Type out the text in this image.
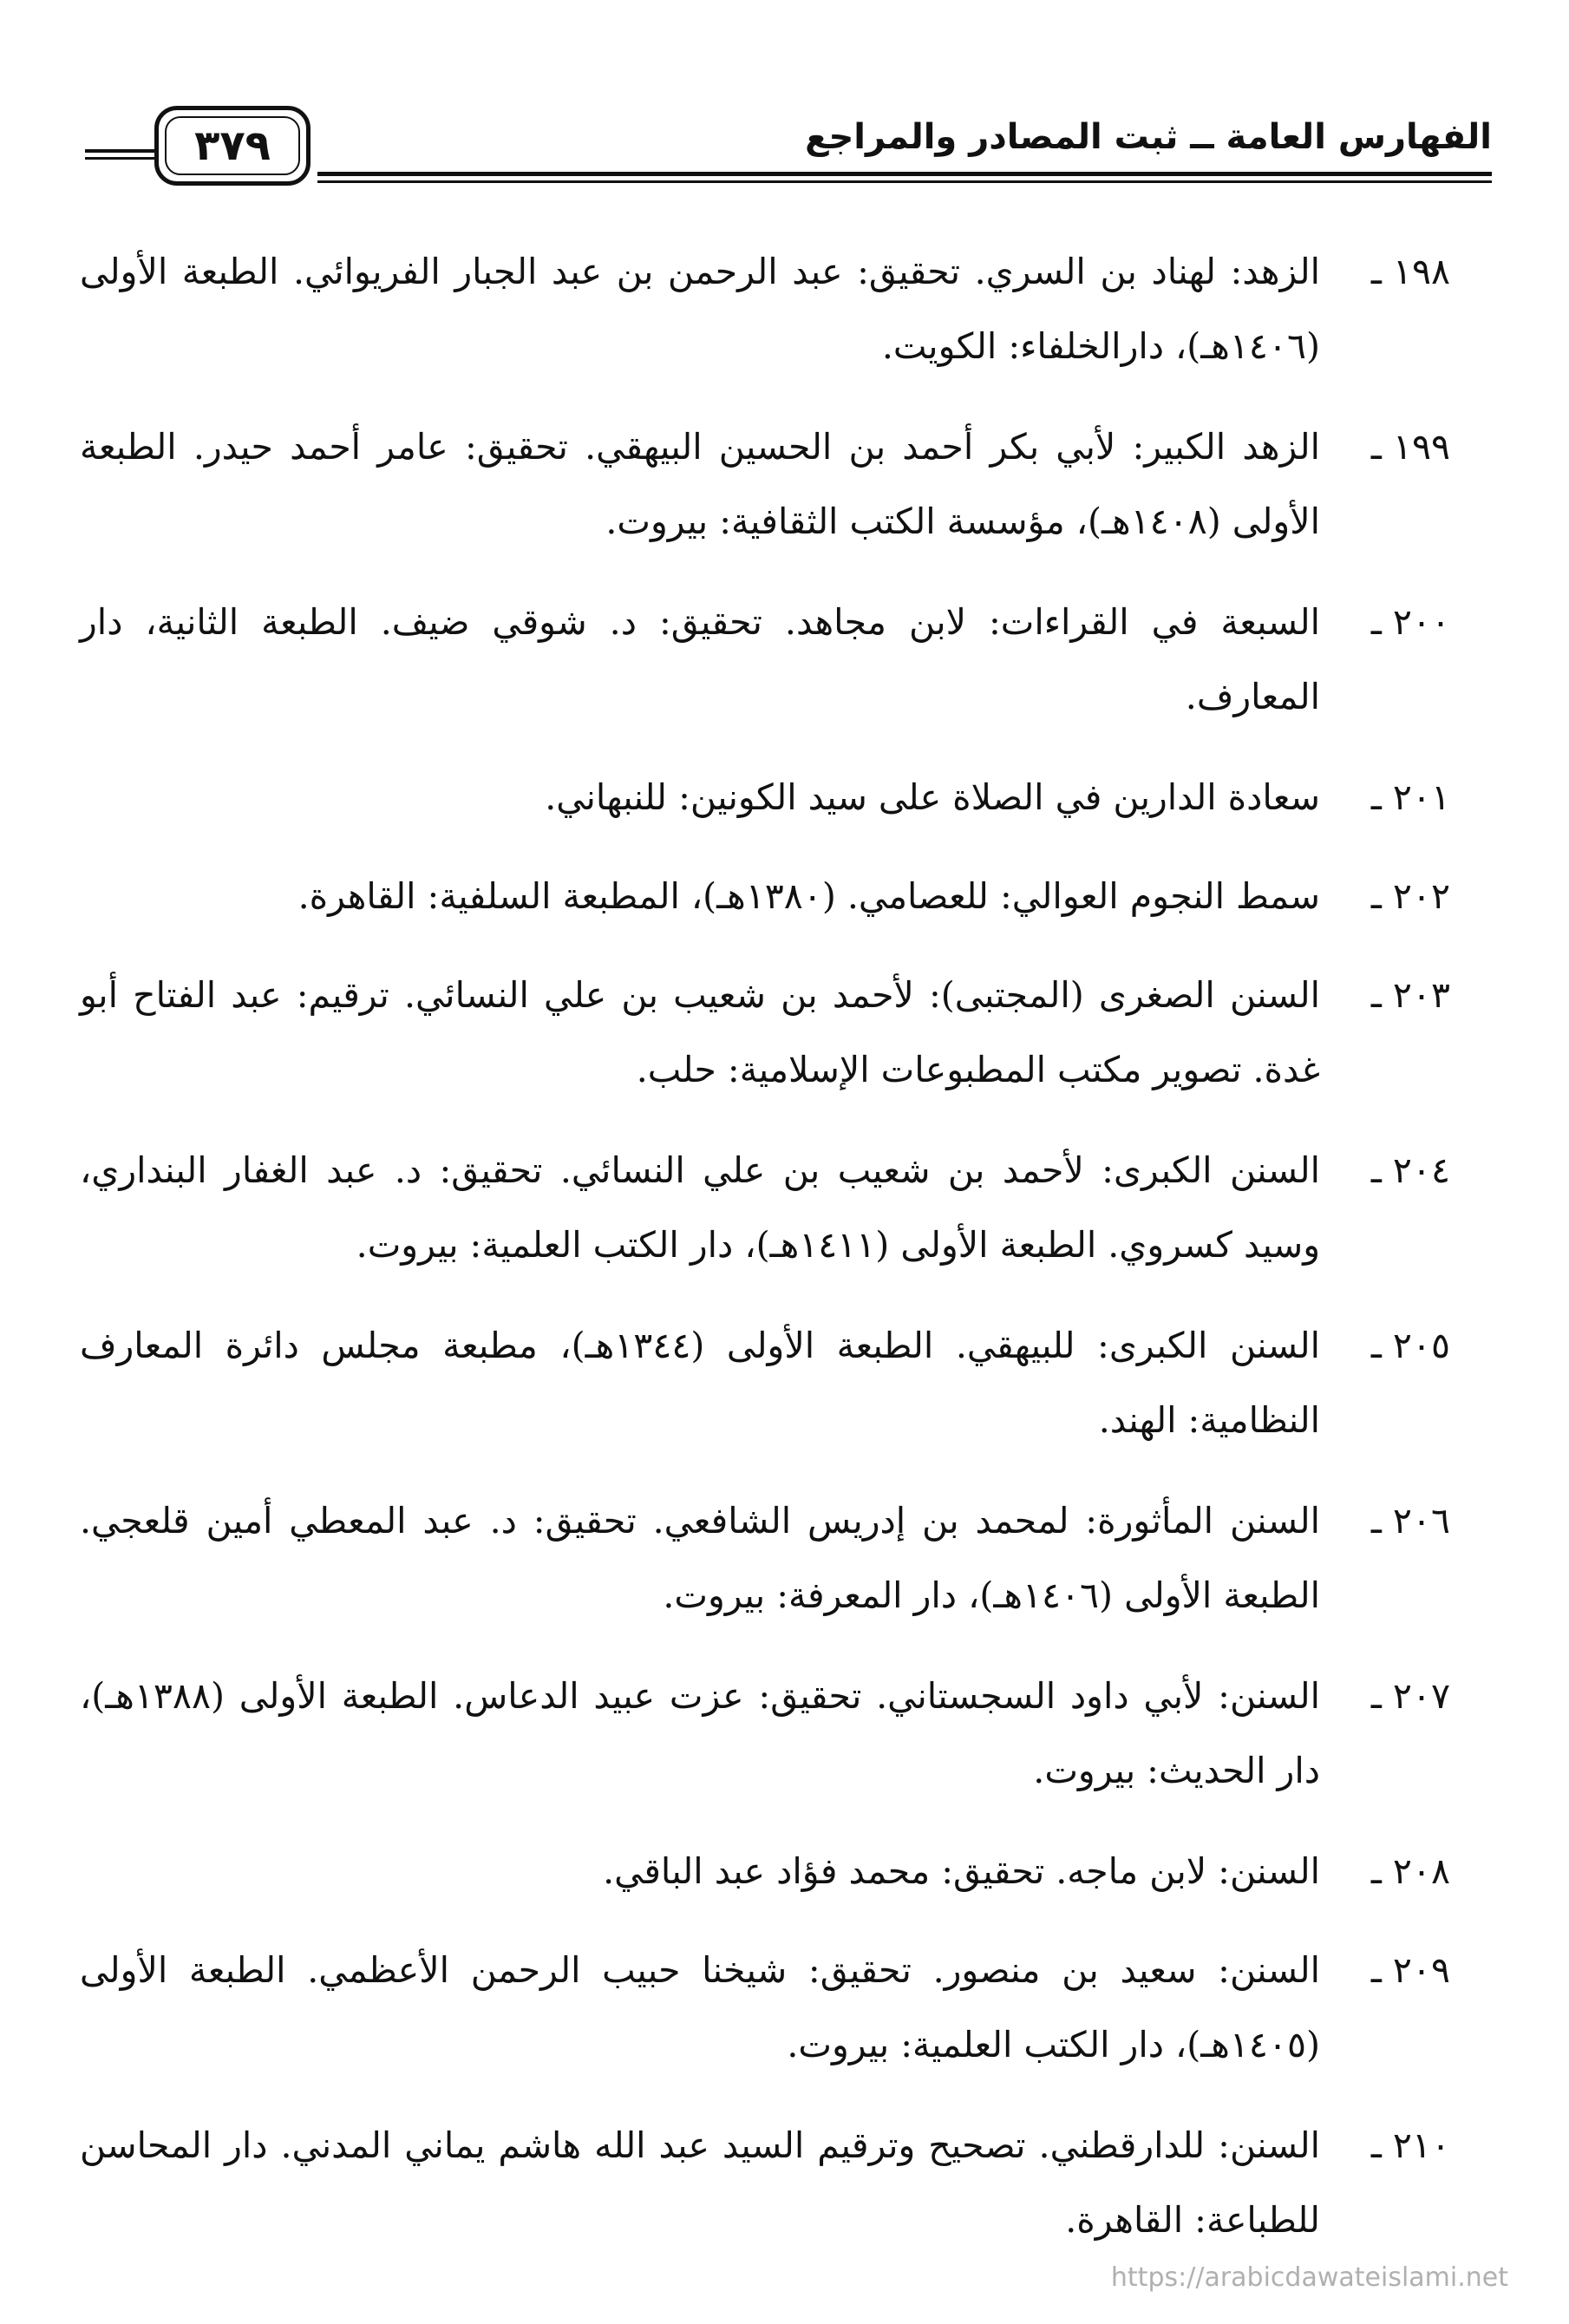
الفهارس العامة ــ ثبت المصادر والمراجع
٣٧٩
١٩٨ ـ
الزهد: لهناد بن السري. تحقيق: عبد الرحمن بن عبد الجبار الفريوائي. الطبعة الأولى (١٤٠٦هـ)، دارالخلفاء: الكويت.
١٩٩ ـ
الزهد الكبير: لأبي بكر أحمد بن الحسين البيهقي. تحقيق: عامر أحمد حيدر. الطبعة الأولى (١٤٠٨هـ)، مؤسسة الكتب الثقافية: بيروت.
٢٠٠ ـ
السبعة في القراءات: لابن مجاهد. تحقيق: د. شوقي ضيف. الطبعة الثانية، دار المعارف.
٢٠١ ـ
سعادة الدارين في الصلاة على سيد الكونين: للنبهاني.
٢٠٢ ـ
سمط النجوم العوالي: للعصامي. (١٣٨٠هـ)، المطبعة السلفية: القاهرة.
٢٠٣ ـ
السنن الصغرى (المجتبى): لأحمد بن شعيب بن علي النسائي. ترقيم: عبد الفتاح أبو غدة. تصوير مكتب المطبوعات الإسلامية: حلب.
٢٠٤ ـ
السنن الكبرى: لأحمد بن شعيب بن علي النسائي. تحقيق: د. عبد الغفار البنداري، وسيد كسروي. الطبعة الأولى (١٤١١هـ)، دار الكتب العلمية: بيروت.
٢٠٥ ـ
السنن الكبرى: للبيهقي. الطبعة الأولى (١٣٤٤هـ)، مطبعة مجلس دائرة المعارف النظامية: الهند.
٢٠٦ ـ
السنن المأثورة: لمحمد بن إدريس الشافعي. تحقيق: د. عبد المعطي أمين قلعجي. الطبعة الأولى (١٤٠٦هـ)، دار المعرفة: بيروت.
٢٠٧ ـ
السنن: لأبي داود السجستاني. تحقيق: عزت عبيد الدعاس. الطبعة الأولى (١٣٨٨هـ)، دار الحديث: بيروت.
٢٠٨ ـ
السنن: لابن ماجه. تحقيق: محمد فؤاد عبد الباقي.
٢٠٩ ـ
السنن: سعيد بن منصور. تحقيق: شيخنا حبيب الرحمن الأعظمي. الطبعة الأولى (١٤٠٥هـ)، دار الكتب العلمية: بيروت.
٢١٠ ـ
السنن: للدارقطني. تصحيح وترقيم السيد عبد الله هاشم يماني المدني. دار المحاسن للطباعة: القاهرة.
https://arabicdawateislami.net
